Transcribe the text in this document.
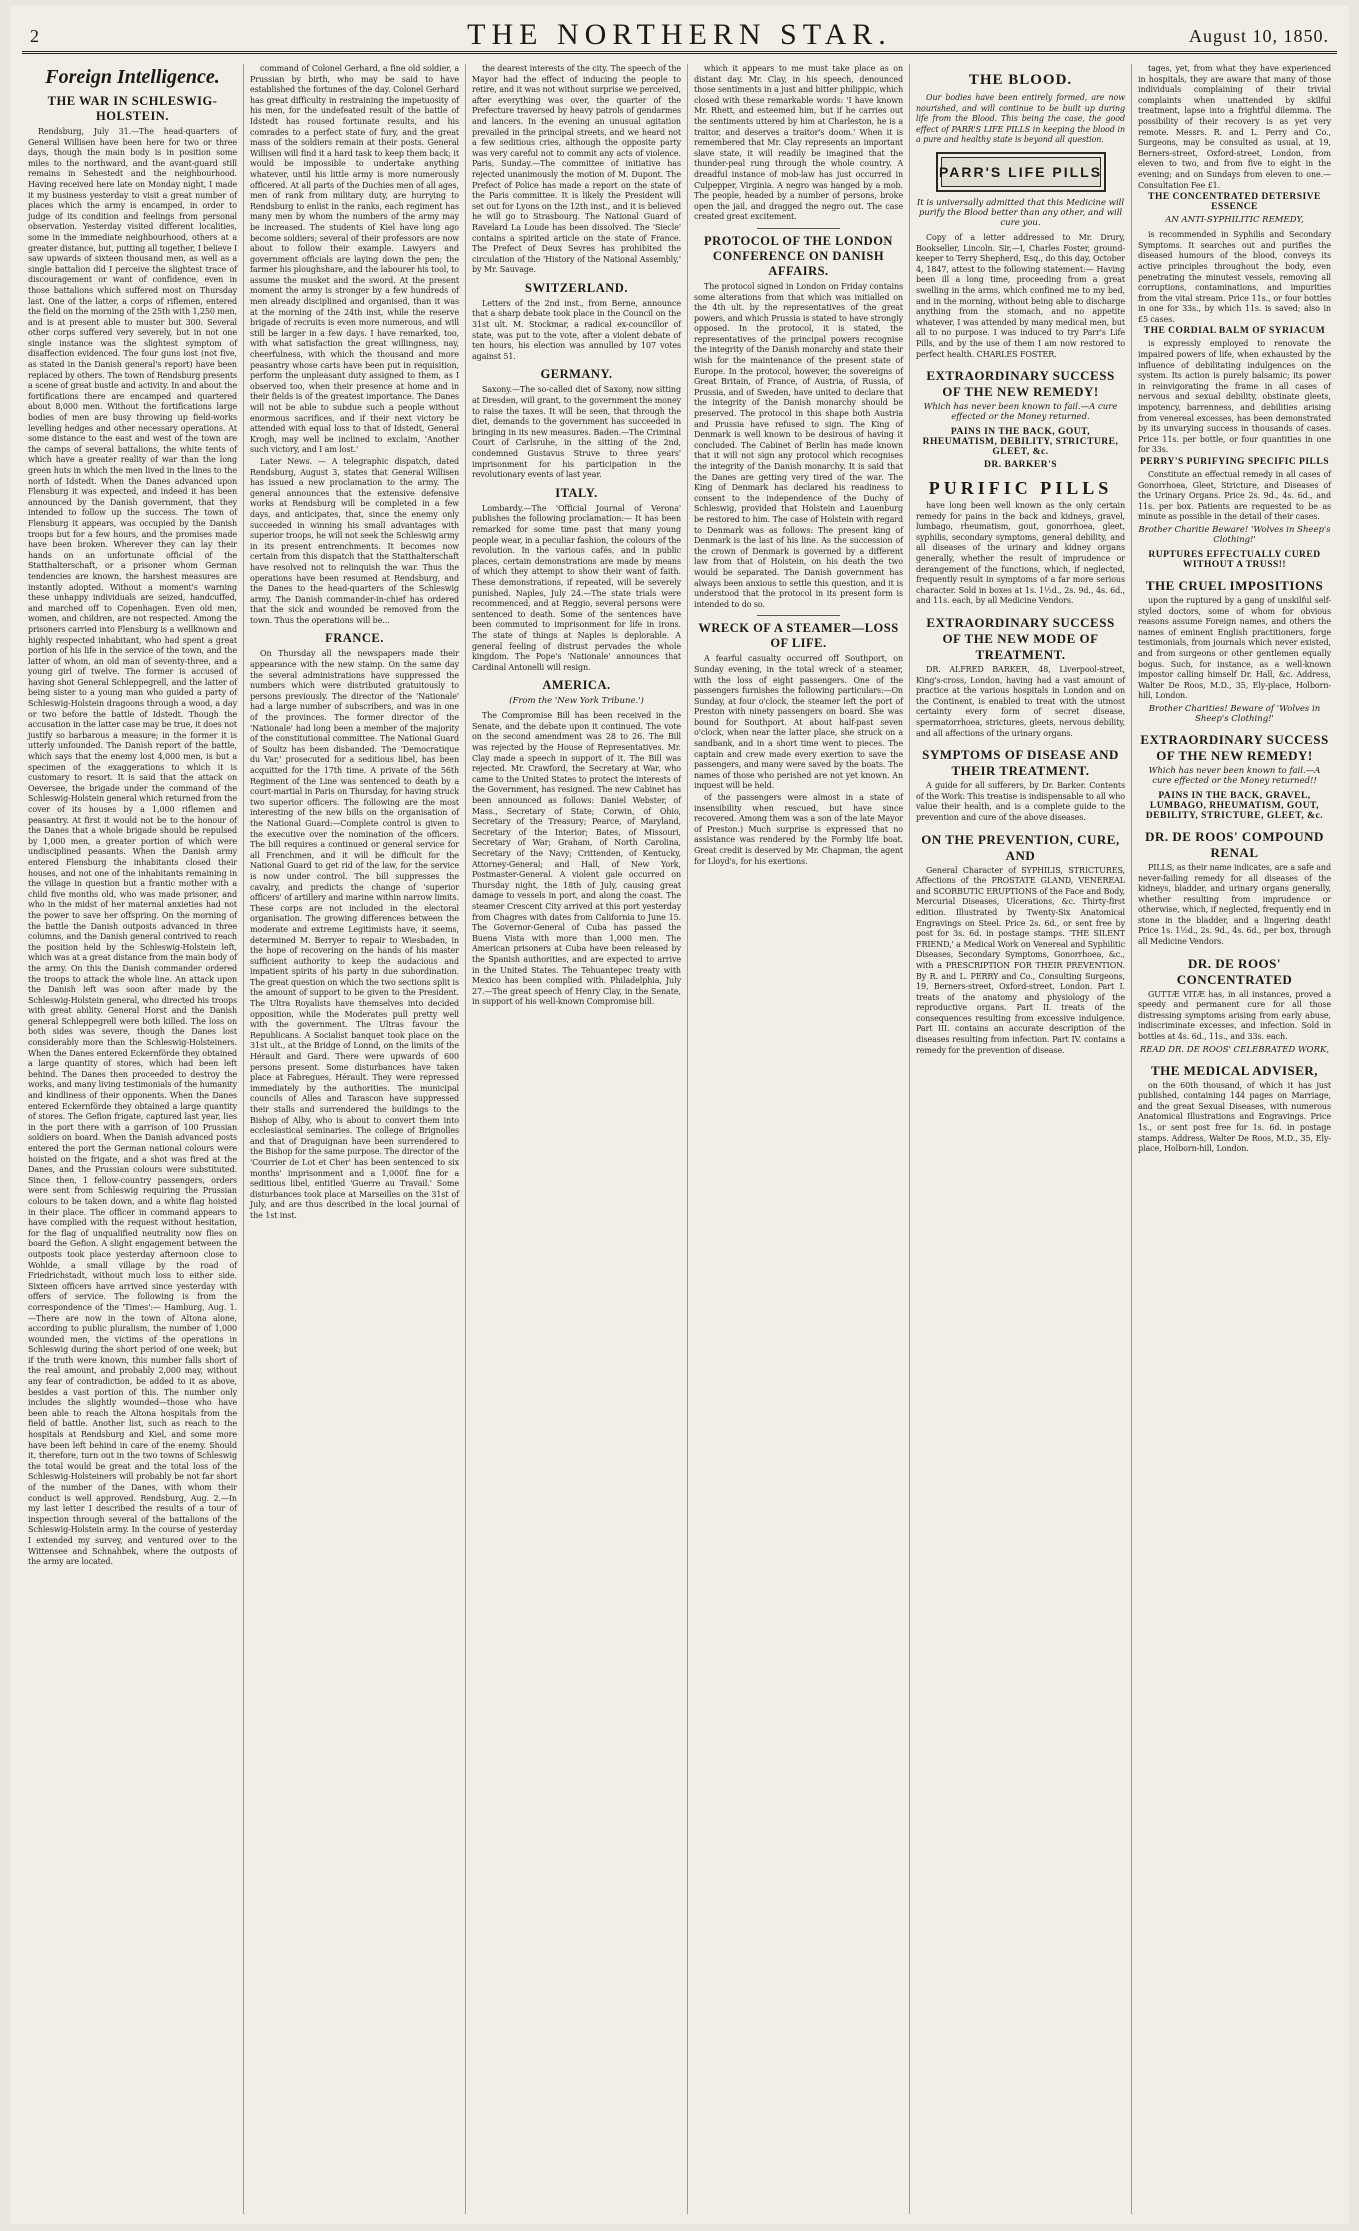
2	THE NORTHERN STAR.	August 10, 1850.
Foreign Intelligence.
THE WAR IN SCHLESWIG-HOLSTEIN.

Rendsburg, July 31.—The head-quarters of General Willisen have been here for two or three days, though the main body is in position some miles to the northward, and the avant-guard still remains in Sehestedt and the neighbourhood. Having received here late on Monday night, I made it my business yesterday to visit a great number of places which the army is encamped, in order to judge of its condition and feelings from personal observation. Yesterday visited different localities, some in the immediate neighbourhood, others at a greater distance, but, putting all together, I believe I saw upwards of sixteen thousand men, as well as a single battalion did I perceive the slightest trace of discouragement or want of confidence, even in those battalions which suffered most on Thursday last. One of the latter, a corps of riflemen, entered the field on the morning of the 25th with 1,250 men, and is at present able to muster but 300. Several other corps suffered very severely, but in not one single instance was the slightest symptom of disaffection evidenced. The four guns lost (not five, as stated in the Danish general's report) have been replaced by others. The town of Rendsburg presents a scene of great bustle and activity. In and about the fortifications there are encamped and quartered about 8,000 men. Without the fortifications large bodies of men are busy throwing up field-works levelling hedges and other necessary operations. At some distance to the east and west of the town are the camps of several battalions, the white tents of which have a greater reality of war than the long green huts in which the men lived in the lines to the north of Idstedt. When the Danes advanced upon Flensburg it was expected, and indeed it has been announced by the Danish government, that they intended to follow up the success. The town of Flensburg it appears, was occupied by the Danish troops but for a few hours, and the promises made have been broken. Wherever they can lay their hands on an unfortunate official of the Statthalterschaft, or a prisoner whom German tendencies are known, the harshest measures are instantly adopted. Without a moment's warning these unhappy individuals are seized, handcuffed, and marched off to Copenhagen. Even old men, women, and children, are not respected. Among the prisoners carried into Flensburg is a wellknown and highly respected inhabitant, who had spent a great portion of his life in the service of the town, and the latter of whom, an old man of seventy-three, and a young girl of twelve. The former is accused of having shot General Schleppegrell, and the latter of being sister to a young man who guided a party of Schleswig-Holstein dragoons through a wood, a day or two before the battle of Idstedt. Though the accusation in the latter case may be true, it does not justify so barbarous a measure; in the former it is utterly unfounded. The Danish report of the battle, which says that the enemy lost 4,000 men, is but a specimen of the exaggerations to which it is customary to resort. It is said that the attack on Oeversee, the brigade under the command of the Schleswig-Holstein general which returned from the cover of its houses by a 1,000 riflemen and peasantry. At first it would not be to the honour of the Danes that a whole brigade should be repulsed by 1,000 men, a greater portion of which were undisciplined peasants. When the Danish army entered Flensburg the inhabitants closed their houses, and not one of the inhabitants remaining in the village in question but a frantic mother with a child five months old, who was made prisoner, and who in the midst of her maternal anxieties had not the power to save her offspring. On the morning of the battle the Danish outposts advanced in three columns, and the Danish general contrived to reach the position held by the Schleswig-Holstein left, which was at a great distance from the main body of the army. On this the Danish commander ordered the troops to attack the whole line. An attack upon the Danish left was soon after made by the Schleswig-Holstein general, who directed his troops with great ability. General Horst and the Danish general Schleppegrell were both killed. The loss on both sides was severe, though the Danes lost considerably more than the Schleswig-Holsteiners. When the Danes entered Eckernförde they obtained a large quantity of stores, which had been left behind. The Danes then proceeded to destroy the works, and many living testimonials of the humanity and kindliness of their opponents. When the Danes entered Eckernförde they obtained a large quantity of stores. The Gefion frigate, captured last year, lies in the port there with a garrison of 100 Prussian soldiers on board. When the Danish advanced posts entered the port the German national colours were hoisted on the frigate, and a shot was fired at the Danes, and the Prussian colours were substituted. Since then, 1 fellow-country passengers, orders were sent from Schleswig requiring the Prussian colours to be taken down, and a white flag hoisted in their place. The officer in command appears to have complied with the request without hesitation, for the flag of unqualified neutrality now flies on board the Gefion. A slight engagement between the outposts took place yesterday afternoon close to Wohlde, a small village by the road of Friedrichstadt, without much loss to either side. Sixteen officers have arrived since yesterday with offers of service. The following is from the correspondence of the 'Times':— Hamburg, Aug. 1.—There are now in the town of Altona alone, according to public pluralism, the number of 1,000 wounded men, the victims of the operations in Schleswig during the short period of one week; but if the truth were known, this number falls short of the real amount, and probably 2,000 may, without any fear of contradiction, be added to it as above, besides a vast portion of this. The number only includes the slightly wounded—those who have been able to reach the Altona hospitals from the field of battle. Another list, such as reach to the hospitals at Rendsburg and Kiel, and some more have been left behind in care of the enemy. Should it, therefore, turn out in the two towns of Schleswig the total would be great and the total loss of the Schleswig-Holsteiners will probably be not far short of the number of the Danes, with whom their conduct is well approved. Rendsburg, Aug. 2.—In my last letter I described the results of a tour of inspection through several of the battalions of the Schleswig-Holstein army. In the course of yesterday I extended my survey, and ventured over to the Wittensee and Schnahbek, where the outposts of the army are located.

command of Colonel Gerhard, a fine old soldier, a Prussian by birth, who may be said to have established the fortunes of the day. Colonel Gerhard has great difficulty in restraining the impetuosity of his men, for the undefeated result of the battle of Idstedt has roused fortunate results, and his comrades to a perfect state of fury, and the great mass of the soldiers remain at their posts. General Willisen will find it a hard task to keep them back; it would be impossible to undertake anything whatever, until his little army is more numerously officered. At all parts of the Duchies men of all ages, men of rank from military duty, are hurrying to Rendsburg to enlist in the ranks, each regiment has many men by whom the numbers of the army may be increased. The students of Kiel have long ago become soldiers; several of their professors are now about to follow their example. Lawyers and government officials are laying down the pen; the farmer his ploughshare, and the labourer his tool, to assume the musket and the sword. At the present moment the army is stronger by a few hundreds of men already disciplined and organised, than it was at the morning of the 24th inst, while the reserve brigade of recruits is even more numerous, and will still be larger in a few days. I have remarked, too, with what satisfaction the great willingness, nay, cheerfulness, with which the thousand and more peasantry whose carts have been put in requisition, perform the unpleasant duty assigned to them, as I observed too, when their presence at home and in their fields is of the greatest importance. The Danes will not be able to subdue such a people without enormous sacrifices, and if their next victory be attended with equal loss to that of Idstedt, General Krogh, may well be inclined to exclaim, 'Another such victory, and I am lost.'

Later News. — A telegraphic dispatch, dated Rendsburg, August 3, states that General Willisen has issued a new proclamation to the army. The general announces that the extensive defensive works at Rendsburg will be completed in a few days, and anticipates, that, since the enemy only succeeded in winning his small advantages with superior troops, he will not seek the Schleswig army in its present entrenchments. It becomes now certain from this dispatch that the Statthalterschaft have resolved not to relinquish the war. Thus the operations have been resumed at Rendsburg, and the Danes to the head-quarters of the Schleswig army. The Danish commander-in-chief has ordered that the sick and wounded be removed from the town. Thus the operations will be...

FRANCE.

On Thursday all the newspapers made their appearance with the new stamp. On the same day the several administrations have suppressed the numbers which were distributed gratuitously to persons previously. The director of the 'Nationale' had a large number of subscribers, and was in one of the provinces. The former director of the 'Nationale' had long been a member of the majority of the constitutional committee. The National Guard of Soultz has been disbanded. The 'Democratique du Var,' prosecuted for a seditious libel, has been acquitted for the 17th time. A private of the 56th Regiment of the Line was sentenced to death by a court-martial in Paris on Thursday, for having struck two superior officers. The following are the most interesting of the new bills on the organisation of the National Guard:—Complete control is given to the executive over the nomination of the officers. The bill requires a continued or general service for all Frenchmen, and it will be difficult for the National Guard to get rid of the law, for the service is now under control. The bill suppresses the cavalry, and predicts the change of 'superior officers' of artillery and marine within narrow limits. These corps are not included in the electoral organisation. The growing differences between the moderate and extreme Legitimists have, it seems, determined M. Berryer to repair to Wiesbaden, in the hope of recovering on the hands of his master sufficient authority to keep the audacious and impatient spirits of his party in due subordination. The great question on which the two sections split is the amount of support to be given to the President. The Ultra Royalists have themselves into decided opposition, while the Moderates pull pretty well with the government. The Ultras favour the Republicans. A Socialist banquet took place on the 31st ult., at the Bridge of Lonnd, on the limits of the Hérault and Gard. There were upwards of 600 persons present. Some disturbances have taken place at Fabregues, Hérault. They were repressed immediately by the authorities. The municipal councils of Alles and Tarascon have suppressed their stalls and surrendered the buildings to the Bishop of Alby, who is about to convert them into ecclesiastical seminaries. The college of Brignolles and that of Draguignan have been surrendered to the Bishop for the same purpose. The director of the 'Courrier de Lot et Cher' has been sentenced to six months' imprisonment and a 1,000f. fine for a seditious libel, entitled 'Guerre au Travail.' Some disturbances took place at Marseilles on the 31st of July, and are thus described in the local journal of the 1st inst.

the dearest interests of the city. The speech of the Mayor had the effect of inducing the people to retire, and it was not without surprise we perceived, after everything was over, the quarter of the Prefecture traversed by heavy patrols of gendarmes and lancers. In the evening an unusual agitation prevailed in the principal streets, and we heard not a few seditious cries, although the opposite party was very careful not to commit any acts of violence. Paris, Sunday.—The committee of initiative has rejected unanimously the motion of M. Dupont. The Prefect of Police has made a report on the state of the Paris committee. It is likely the President will set out for Lyons on the 12th inst., and it is believed he will go to Strasbourg. The National Guard of Ravelard La Loude has been dissolved. The 'Siecle' contains a spirited article on the state of France. The Prefect of Deux Sevres has prohibited the circulation of the 'History of the National Assembly,' by Mr. Sauvage.

SWITZERLAND.

Letters of the 2nd inst., from Berne, announce that a sharp debate took place in the Council on the 31st ult. M. Stockmar, a radical ex-councillor of state, was put to the vote, after a violent debate of ten hours, his election was annulled by 107 votes against 51.

GERMANY.

Saxony.—The so-called diet of Saxony, now sitting at Dresden, will grant, to the government the money to raise the taxes. It will be seen, that through the diet, demands to the government has succeeded in bringing in its new measures. Baden.—The Criminal Court of Carlsruhe, in the sitting of the 2nd, condemned Gustavus Struve to three years' imprisonment for his participation in the revolutionary events of last year.

ITALY.

Lombardy.—The 'Official Journal of Verona' publishes the following proclamation:— It has been remarked for some time past that many young people wear, in a peculiar fashion, the colours of the revolution. In the various cafés, and in public places, certain demonstrations are made by means of which they attempt to show their want of faith. These demonstrations, if repeated, will be severely punished. Naples, July 24.—The state trials were recommenced, and at Reggio, several persons were sentenced to death. Some of the sentences have been commuted to imprisonment for life in irons. The state of things at Naples is deplorable. A general feeling of distrust pervades the whole kingdom. The Pope's 'Nationale' announces that Cardinal Antonelli will resign.

AMERICA.
(From the 'New York Tribune.')

The Compromise Bill has been received in the Senate, and the debate upon it continued. The vote on the second amendment was 28 to 26. The Bill was rejected by the House of Representatives. Mr. Clay made a speech in support of it. The Bill was rejected. Mr. Crawford, the Secretary at War, who came to the United States to protect the interests of the Government, has resigned. The new Cabinet has been announced as follows: Daniel Webster, of Mass., Secretary of State; Corwin, of Ohio, Secretary of the Treasury; Pearce, of Maryland, Secretary of the Interior; Bates, of Missouri, Secretary of War; Graham, of North Carolina, Secretary of the Navy; Crittenden, of Kentucky, Attorney-General; and Hall, of New York, Postmaster-General. A violent gale occurred on Thursday night, the 18th of July, causing great damage to vessels in port, and along the coast. The steamer Crescent City arrived at this port yesterday from Chagres with dates from California to June 15. The Governor-General of Cuba has passed the Buena Vista with more than 1,000 men. The American prisoners at Cuba have been released by the Spanish authorities, and are expected to arrive in the United States. The Tehuantepec treaty with Mexico has been complied with. Philadelphia, July 27.—The great speech of Henry Clay, in the Senate, in support of his well-known Compromise bill.

which it appears to me must take place as on distant day. Mr. Clay, in his speech, denounced those sentiments in a just and bitter philippic, which closed with these remarkable words: 'I have known Mr. Rhett, and esteemed him, but if he carries out the sentiments uttered by him at Charleston, he is a traitor, and deserves a traitor's doom.' When it is remembered that Mr. Clay represents an important slave state, it will readily be imagined that the thunder-peal rung through the whole country. A dreadful instance of mob-law has just occurred in Culpepper, Virginia. A negro was hanged by a mob. The people, headed by a number of persons, broke open the jail, and dragged the negro out. The case created great excitement.

PROTOCOL OF THE LONDON CONFERENCE ON DANISH AFFAIRS.

The protocol signed in London on Friday contains some alterations from that which was initialled on the 4th ult. by the representatives of the great powers, and which Prussia is stated to have strongly opposed. In the protocol, it is stated, the representatives of the principal powers recognise the integrity of the Danish monarchy and state their wish for the maintenance of the present state of Europe. In the protocol, however, the sovereigns of Great Britain, of France, of Austria, of Russia, of Prussia, and of Sweden, have united to declare that the integrity of the Danish monarchy should be preserved. The protocol in this shape both Austria and Prussia have refused to sign. The King of Denmark is well known to be desirous of having it concluded. The Cabinet of Berlin has made known that it will not sign any protocol which recognises the integrity of the Danish monarchy. It is said that the Danes are getting very tired of the war. The King of Denmark has declared his readiness to consent to the independence of the Duchy of Schleswig, provided that Holstein and Lauenburg be restored to him. The case of Holstein with regard to Denmark was as follows: The present king of Denmark is the last of his line. As the succession of the crown of Denmark is governed by a different law from that of Holstein, on his death the two would be separated. The Danish government has always been anxious to settle this question, and it is understood that the protocol in its present form is intended to do so.

WRECK OF A STEAMER—LOSS OF LIFE.

A fearful casualty occurred off Southport, on Sunday evening, in the total wreck of a steamer, with the loss of eight passengers. One of the passengers furnishes the following particulars:—On Sunday, at four o'clock, the steamer left the port of Preston with ninety passengers on board. She was bound for Southport. At about half-past seven o'clock, when near the latter place, she struck on a sandbank, and in a short time went to pieces. The captain and crew made every exertion to save the passengers, and many were saved by the boats. The names of those who perished are not yet known. An inquest will be held.

of the passengers were almost in a state of insensibility when rescued, but have since recovered. Among them was a son of the late Mayor of Preston.) Much surprise is expressed that no assistance was rendered by the Formby life boat. Great credit is deserved by Mr. Chapman, the agent for Lloyd's, for his exertions.

THE BLOOD.

Our bodies have been entirely formed, are now nourished, and will continue to be built up during life from the Blood. This being the case, the good effect of PARR'S LIFE PILLS in keeping the blood in a pure and healthy state is beyond all question.

PARR'S LIFE PILLS
It is universally admitted that this Medicine will purify the Blood better than any other, and will cure you.

Copy of a letter addressed to Mr. Drury, Bookseller, Lincoln. Sir,—I, Charles Foster, ground-keeper to Terry Shepherd, Esq., do this day, October 4, 1847, attest to the following statement:— Having been ill a long time, proceeding from a great swelling in the arms, which confined me to my bed, and in the morning, without being able to discharge anything from the stomach, and no appetite whatever, I was attended by many medical men, but all to no purpose. I was induced to try Parr's Life Pills, and by the use of them I am now restored to perfect health. CHARLES FOSTER.

EXTRAORDINARY SUCCESS OF THE NEW REMEDY!
Which has never been known to fail.—A cure effected or the Money returned.
PAINS IN THE BACK, GOUT, RHEUMATISM, DEBILITY, STRICTURE, GLEET, &c.
DR. BARKER'S
PURIFIC PILLS

have long been well known as the only certain remedy for pains in the back and kidneys, gravel, lumbago, rheumatism, gout, gonorrhoea, gleet, syphilis, secondary symptoms, general debility, and all diseases of the urinary and kidney organs generally, whether the result of imprudence or derangement of the functions, which, if neglected, frequently result in symptoms of a far more serious character. Sold in boxes at 1s. 1½d., 2s. 9d., 4s. 6d., and 11s. each, by all Medicine Vendors.

EXTRAORDINARY SUCCESS OF THE NEW MODE OF TREATMENT.

DR. ALFRED BARKER, 48, Liverpool-street, King's-cross, London, having had a vast amount of practice at the various hospitals in London and on the Continent, is enabled to treat with the utmost certainty every form of secret disease, spermatorrhoea, strictures, gleets, nervous debility, and all affections of the urinary organs.

SYMPTOMS OF DISEASE AND THEIR TREATMENT.

A guide for all sufferers, by Dr. Barker. Contents of the Work: This treatise is indispensable to all who value their health, and is a complete guide to the prevention and cure of the above diseases.

ON THE PREVENTION, CURE, AND

General Character of SYPHILIS, STRICTURES, Affections of the PROSTATE GLAND, VENEREAL and SCORBUTIC ERUPTIONS of the Face and Body, Mercurial Diseases, Ulcerations, &c. Thirty-first edition. Illustrated by Twenty-Six Anatomical Engravings on Steel. Price 2s. 6d., or sent free by post for 3s. 6d. in postage stamps. 'THE SILENT FRIEND,' a Medical Work on Venereal and Syphilitic Diseases, Secondary Symptoms, Gonorrhoea, &c., with a PRESCRIPTION FOR THEIR PREVENTION. By R. and L. PERRY and Co., Consulting Surgeons, 19, Berners-street, Oxford-street, London. Part I. treats of the anatomy and physiology of the reproductive organs. Part II. treats of the consequences resulting from excessive indulgence. Part III. contains an accurate description of the diseases resulting from infection. Part IV. contains a remedy for the prevention of disease.

tages, yet, from what they have experienced in hospitals, they are aware that many of those individuals complaining of their trivial complaints when unattended by skilful treatment, lapse into a frightful dilemma. The possibility of their recovery is as yet very remote. Messrs. R. and L. Perry and Co., Surgeons, may be consulted as usual, at 19, Berners-street, Oxford-street, London, from eleven to two, and from five to eight in the evening; and on Sundays from eleven to one.—Consultation Fee £1.

THE CONCENTRATED DETERSIVE ESSENCE
AN ANTI-SYPHILITIC REMEDY,

is recommended in Syphilis and Secondary Symptoms. It searches out and purifies the diseased humours of the blood, conveys its active principles throughout the body, even penetrating the minutest vessels, removing all corruptions, contaminations, and impurities from the vital stream. Price 11s., or four bottles in one for 33s., by which 11s. is saved; also in £5 cases.

THE CORDIAL BALM OF SYRIACUM

is expressly employed to renovate the impaired powers of life, when exhausted by the influence of debilitating indulgences on the system. Its action is purely balsamic; its power in reinvigorating the frame in all cases of nervous and sexual debility, obstinate gleets, impotency, barrenness, and debilities arising from venereal excesses, has been demonstrated by its unvarying success in thousands of cases. Price 11s. per bottle, or four quantities in one for 33s.

PERRY'S PURIFYING SPECIFIC PILLS

Constitute an effectual remedy in all cases of Gonorrhoea, Gleet, Stricture, and Diseases of the Urinary Organs. Price 2s. 9d., 4s. 6d., and 11s. per box. Patients are requested to be as minute as possible in the detail of their cases.

Brother Charitie Beware! 'Wolves in Sheep's Clothing!'
RUPTURES EFFECTUALLY CURED WITHOUT A TRUSS!!
THE CRUEL IMPOSITIONS

upon the ruptured by a gang of unskilful self-styled doctors, some of whom for obvious reasons assume Foreign names, and others the names of eminent English practitioners, forge testimonials, from journals which never existed, and from surgeons or other gentlemen equally bogus. Such, for instance, as a well-known impostor calling himself Dr. Hall, &c. Address, Walter De Roos, M.D., 35, Ely-place, Holborn-hill, London.

Brother Charities! Beware of 'Wolves in Sheep's Clothing!'
EXTRAORDINARY SUCCESS OF THE NEW REMEDY!
Which has never been known to fail.—A cure effected or the Money returned!!
PAINS IN THE BACK, GRAVEL, LUMBAGO, RHEUMATISM, GOUT, DEBILITY, STRICTURE, GLEET, &c.
DR. DE ROOS' COMPOUND RENAL

PILLS, as their name indicates, are a safe and never-failing remedy for all diseases of the kidneys, bladder, and urinary organs generally, whether resulting from imprudence or otherwise, which, if neglected, frequently end in stone in the bladder, and a lingering death! Price 1s. 1½d., 2s. 9d., 4s. 6d., per box, through all Medicine Vendors.

DR. DE ROOS' CONCENTRATED

GUTTÆ VITÆ has, in all instances, proved a speedy and permanent cure for all those distressing symptoms arising from early abuse, indiscriminate excesses, and infection. Sold in bottles at 4s. 6d., 11s., and 33s. each.

READ DR. DE ROOS' CELEBRATED WORK,
THE MEDICAL ADVISER,

on the 60th thousand, of which it has just published, containing 144 pages on Marriage, and the great Sexual Diseases, with numerous Anatomical Illustrations and Engravings. Price 1s., or sent post free for 1s. 6d. in postage stamps. Address, Walter De Roos, M.D., 35, Ely-place, Holborn-hill, London.
